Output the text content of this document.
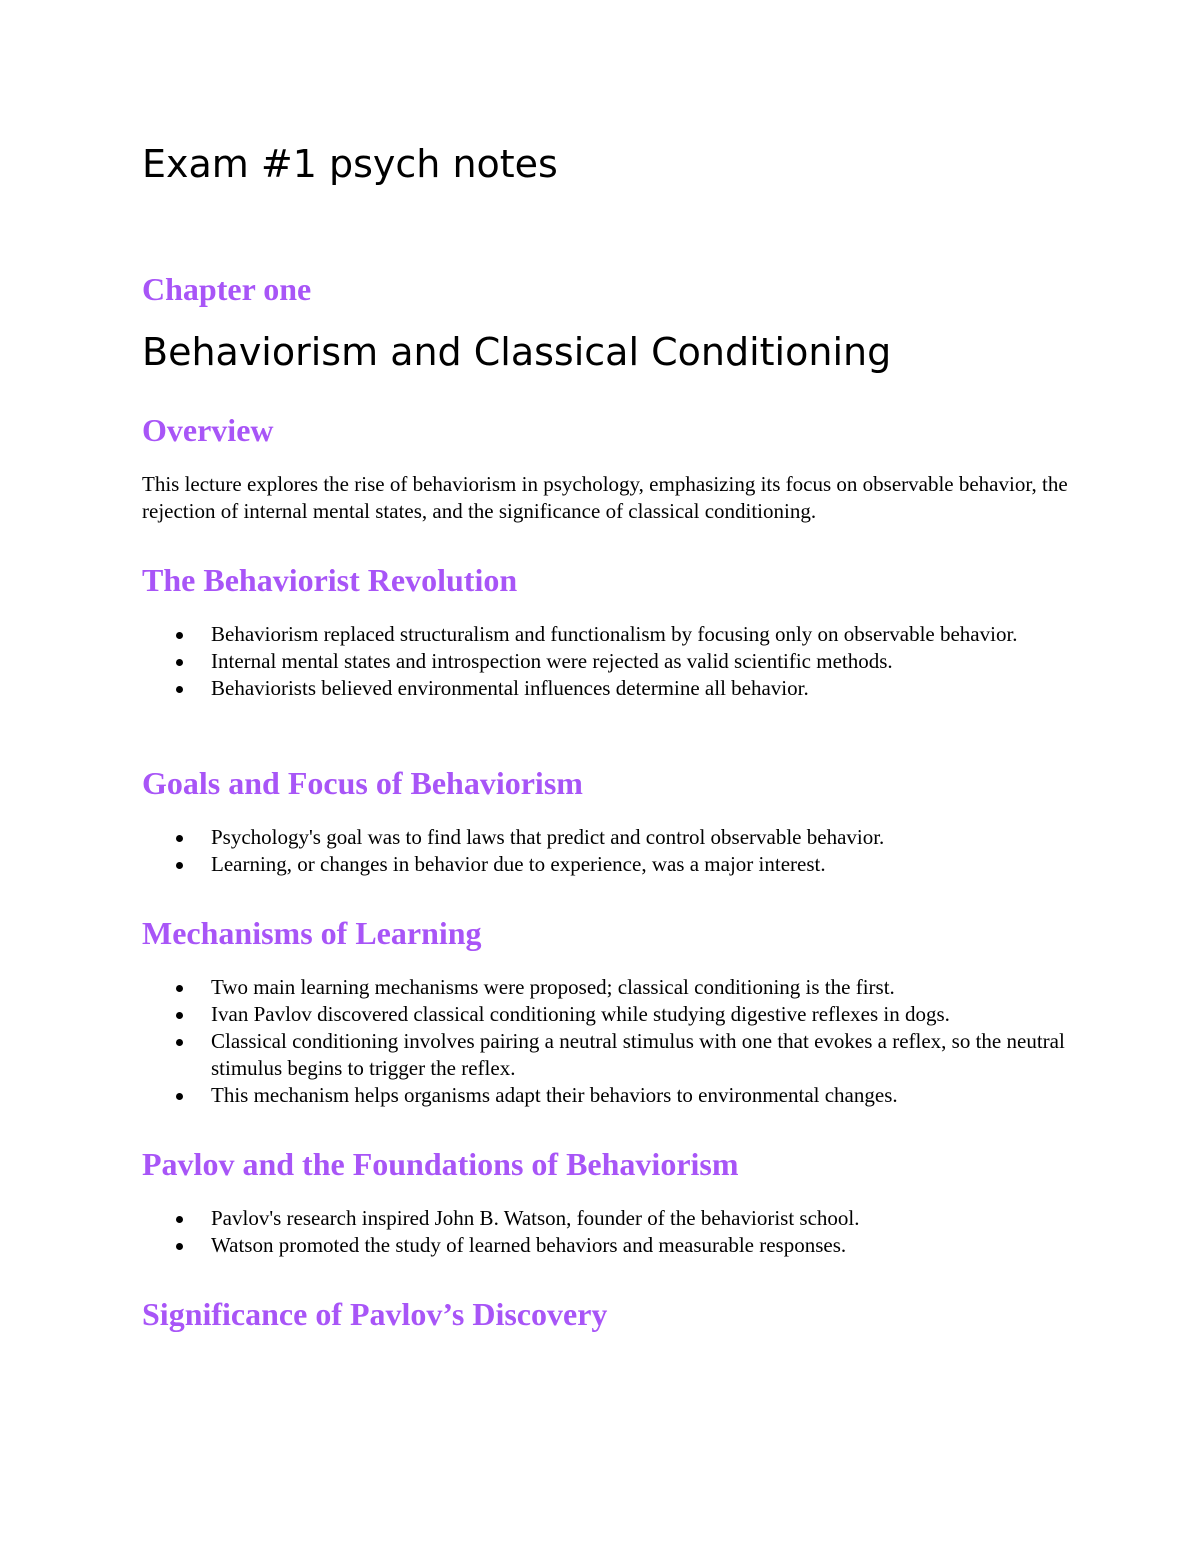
Exam #1 psych notes
Chapter one
Behaviorism and Classical Conditioning
Overview

This lecture explores the rise of behaviorism in psychology, emphasizing its focus on observable behavior, the rejection of internal mental states, and the significance of classical conditioning.

The Behaviorist Revolution
Behaviorism replaced structuralism and functionalism by focusing only on observable behavior.
Internal mental states and introspection were rejected as valid scientific methods.
Behaviorists believed environmental influences determine all behavior.
Goals and Focus of Behaviorism
Psychology's goal was to find laws that predict and control observable behavior.
Learning, or changes in behavior due to experience, was a major interest.
Mechanisms of Learning
Two main learning mechanisms were proposed; classical conditioning is the first.
Ivan Pavlov discovered classical conditioning while studying digestive reflexes in dogs.
Classical conditioning involves pairing a neutral stimulus with one that evokes a reflex, so the neutral stimulus begins to trigger the reflex.
This mechanism helps organisms adapt their behaviors to environmental changes.
Pavlov and the Foundations of Behaviorism
Pavlov's research inspired John B. Watson, founder of the behaviorist school.
Watson promoted the study of learned behaviors and measurable responses.
Significance of Pavlov’s Discovery
